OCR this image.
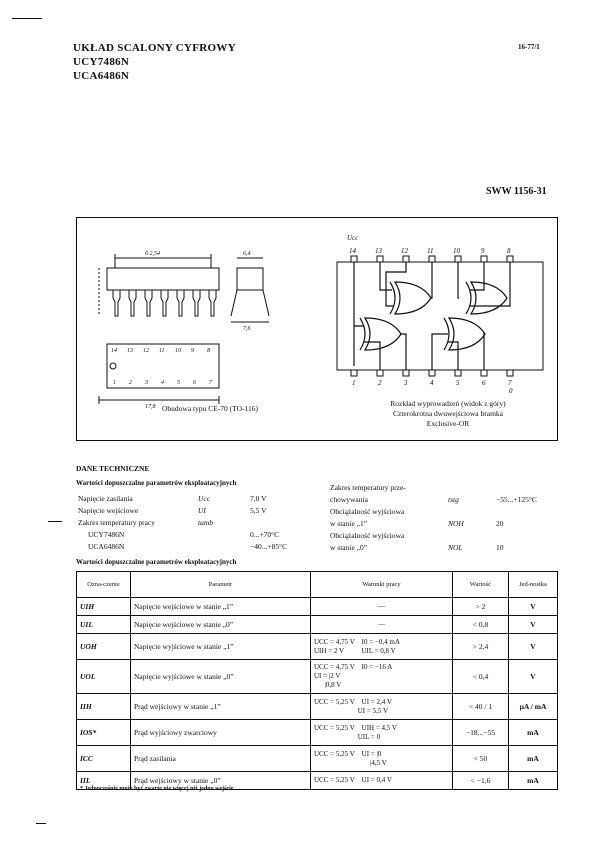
UKŁAD SCALONY CYFROWY
UCY7486N
UCA6486N
16-77/1
SWW 1156-31
6·2,54	6,4
7,6
17,8
14 13 12 11 10 9 8
1 2 3 4 5 6 7
Obudowa typu CE-70 (TO-116)
Ucc
14	13	12	11	10	9	8
1	2	3	4	5	6	7
0
Rozkład wyprowadzeń (widok z góry)
Czterokrotna dwuwejściowa bramka
Exclusive-OR
DANE TECHNICZNE
Wartości dopuszczalne parametrów eksploatacyjnych
Napięcie zasilania	Ucc	7,0 V
Napięcie wejściowe	UI	5,5 V
Zakres temperatury pracy	tamb	
UCY7486N		0...+70°C
UCA6486N		−40...+85°C
Zakres temperatury prze-		
chowywania	tstg	−55...+125°C
Obciążalność wyjściowa		
w stanie „1”	NOH	20
Obciążalność wyjściowa		
w stanie „0”	NOL	10
Wartości dopuszczalne parametrów eksploatacyjnych
Ozna-czenie	Parametr	Warunki pracy	Wartość	Jed-nostka
UIH	Napięcie wejściowe w stanie „1”	—	> 2	V
UIL	Napięcie wejściowe w stanie „0”	—	< 0,8	V
UOH	Napięcie wyjściowe w stanie „1”	UCC = 4,75 V    I0 = −0,4 mA
UIH = 2 V          UIL = 0,8 V	> 2,4	V
UOL	Napięcie wyjściowe w stanie „0”	UCC = 4,75 V    I0 = −16 A
UI = |2 V
|0,8 V	< 0,4	V
IIH	Prąd wejściowy w stanie „1”	UCC = 5,25 V    UI = 2,4 V
UI = 5,5 V	< 40 / 1	µA / mA
IOS*	Prąd wyjściowy zwarciowy	UCC = 5,25 V    UIH = 4,5 V
UIL = 0	−18...−55	mA
ICC	Prąd zasilania	UCC = 5,25 V    UI = |0
|4,5 V	< 50	mA
IIL	Prąd wejściowy w stanie „0”	UCC = 5,25 V    UI = 0,4 V	< −1,6	mA
* Jednocześnie może być zwarte nie więcej niż jedno wejście.
